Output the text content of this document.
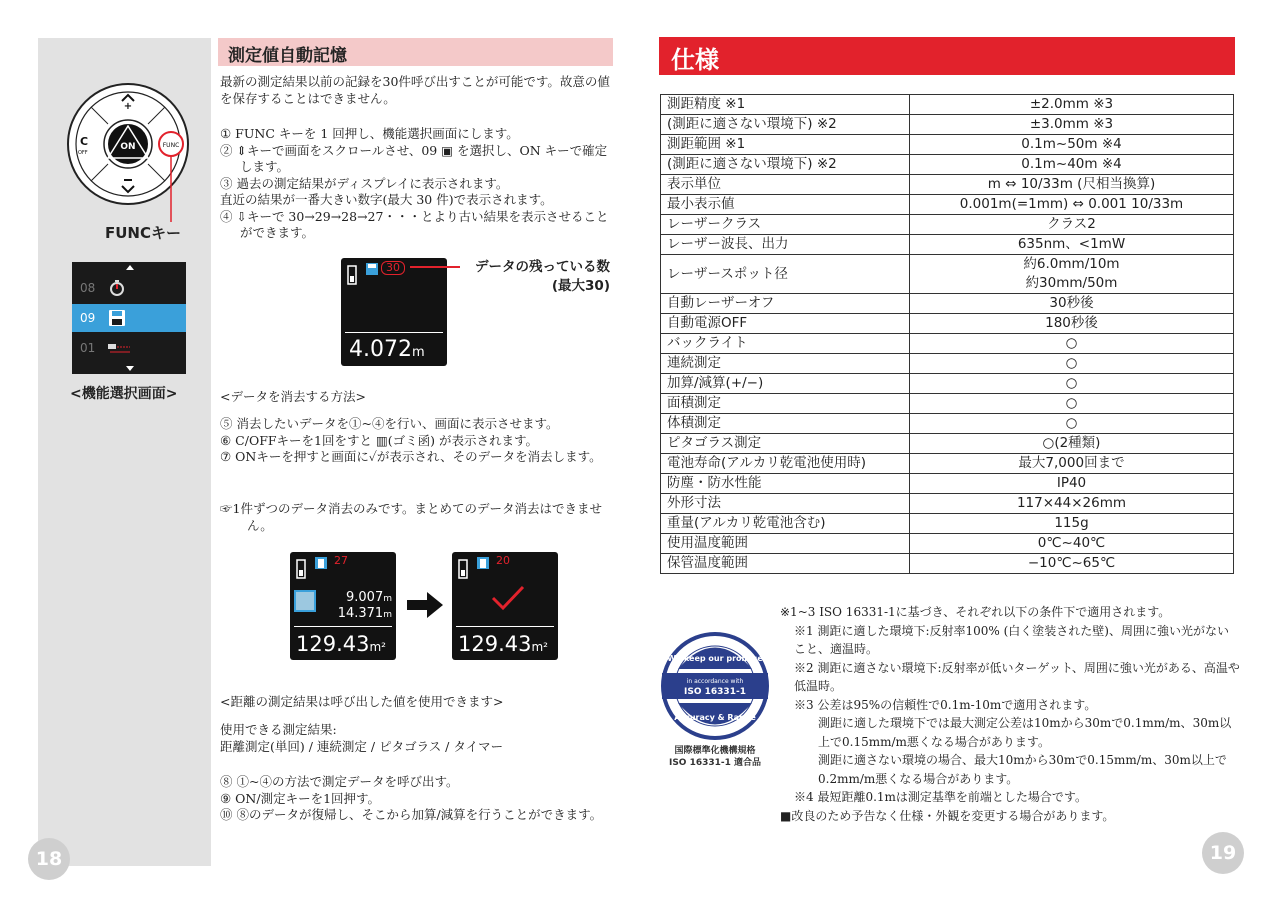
ON
C
OFF
+
FUNC
FUNCキー
08
09
01
<機能選択画面>
測定値自動記憶
最新の測定結果以前の記録を30件呼び出すことが可能です。故意の値を保存することはできません。
① FUNC キーを 1 回押し、機能選択画面にします。
② ⇕キーで画面をスクロールさせ、09 ▣ を選択し、ON キーで確定します。
③ 過去の測定結果がディスプレイに表示されます。
直近の結果が一番大きい数字(最大 30 件)で表示されます。
④ ⇩キーで 30→29→28→27・・・とより古い結果を表示させることができます。
30
4.072m
データの残っている数
(最大30)
<データを消去する方法>
⑤ 消去したいデータを①~④を行い、画面に表示させます。
⑥ C/OFFキーを1回をすと ▥(ゴミ函) が表示されます。
⑦ ONキーを押すと画面に✓が表示され、そのデータを消去します。
☞1件ずつのデータ消去のみです。まとめてのデータ消去はできません。
27
9.007m
14.371m
129.43m²
20
129.43m²
<距離の測定結果は呼び出した値を使用できます>
使用できる測定結果:
距離測定(単回) / 連続測定 / ピタゴラス / タイマー
⑧ ①~④の方法で測定データを呼び出す。
⑨ ON/測定キーを1回押す。
⑩ ⑧のデータが復帰し、そこから加算/減算を行うことができます。
18
仕様
測距精度 ※1	±2.0mm ※3
(測距に適さない環境下) ※2	±3.0mm ※3
測距範囲 ※1	0.1m~50m ※4
(測距に適さない環境下) ※2	0.1m~40m ※4
表示単位	m ⇔ 10/33m (尺相当換算)
最小表示値	0.001m(=1mm) ⇔ 0.001 10/33m
レーザークラス	クラス2
レーザー波長、出力	635nm、<1mW
レーザースポット径	約6.0mm/10m
約30mm/50m

自動レーザーオフ	30秒後
自動電源OFF	180秒後
バックライト	○
連続測定	○
加算/減算(+/−)	○
面積測定	○
体積測定	○
ピタゴラス測定	○(2種類)
電池寿命(アルカリ乾電池使用時)	最大7,000回まで
防塵・防水性能	IP40
外形寸法	117×44×26mm
重量(アルカリ乾電池含む)	115g
使用温度範囲	0℃~40℃
保管温度範囲	−10℃~65℃
We keep our promise
in accordance with
ISO 16331-1
Accuracy & Range
国際標準化機構規格
ISO 16331-1 適合品
※1~3 ISO 16331-1に基づき、それぞれ以下の条件下で適用されます。
※1 測距に適した環境下:反射率100% (白く塗装された壁)、周囲に強い光がないこと、適温時。
※2 測距に適さない環境下:反射率が低いターゲット、周囲に強い光がある、高温や低温時。
※3 公差は95%の信頼性で0.1m-10mで適用されます。
測距に適した環境下では最大測定公差は10mから30mで0.1mm/m、30m以上で0.15mm/m悪くなる場合があります。
測距に適さない環境の場合、最大10mから30mで0.15mm/m、30m以上で0.2mm/m悪くなる場合があります。
※4 最短距離0.1mは測定基準を前端とした場合です。
■改良のため予告なく仕様・外観を変更する場合があります。
19
